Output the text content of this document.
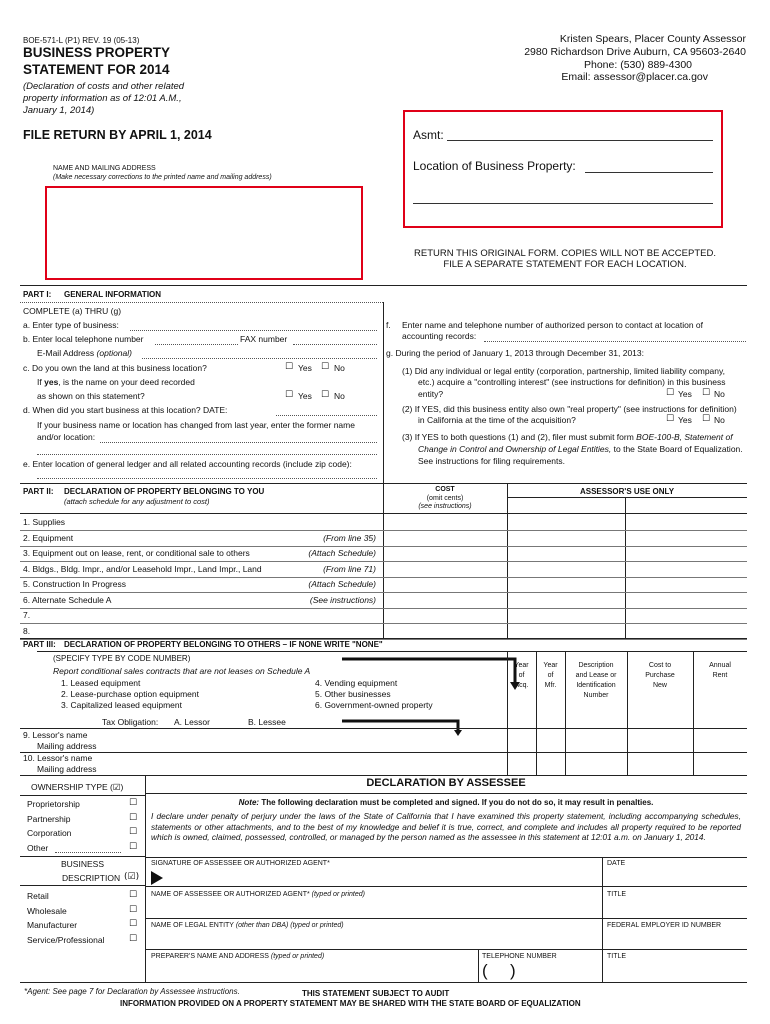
BOE-571-L (P1) REV. 19 (05-13)
BUSINESS PROPERTY
STATEMENT FOR 2014
(Declaration of costs and other related
property information as of 12:01 A.M.,
January 1, 2014)
Kristen Spears, Placer County Assessor
2980 Richardson Drive Auburn, CA 95603-2640
Phone: (530) 889-4300
Email: assessor@placer.ca.gov
FILE RETURN BY APRIL 1, 2014
NAME AND MAILING ADDRESS
(Make necessary corrections to the printed name and mailing address)
Asmt:
Location of Business Property:
RETURN THIS ORIGINAL FORM. COPIES WILL NOT BE ACCEPTED.
FILE A SEPARATE STATEMENT FOR EACH LOCATION.
PART I: GENERAL INFORMATION
COMPLETE (a) THRU (g)
a. Enter type of business:
b. Enter local telephone number	FAX number
E-Mail Address (optional)
c. Do you own the land at this business location?	☐ Yes ☐ No
If yes, is the name on your deed recorded
as shown on this statement?	☐ Yes ☐ No
d. When did you start business at this location? DATE:
If your business name or location has changed from last year, enter the former name
and/or location:
e. Enter location of general ledger and all related accounting records (include zip code):
f. Enter name and telephone number of authorized person to contact at location of
accounting records:
g. During the period of January 1, 2013 through December 31, 2013:
(1) Did any individual or legal entity (corporation, partnership, limited liability company,
etc.) acquire a "controlling interest" (see instructions for definition) in this business
entity?	☐ Yes ☐ No
(2) If YES, did this business entity also own "real property" (see instructions for definition)
in California at the time of the acquisition?	☐ Yes ☐ No
(3) If YES to both questions (1) and (2), filer must submit form BOE-100-B, Statement of
Change in Control and Ownership of Legal Entities, to the State Board of Equalization.
See instructions for filing requirements.
PART II: DECLARATION OF PROPERTY BELONGING TO YOU
(attach schedule for any adjustment to cost)
COST
(omit cents)
(see instructions)
ASSESSOR'S USE ONLY
1. Supplies
2. Equipment	(From line 35)
3. Equipment out on lease, rent, or conditional sale to others	(Attach Schedule)
4. Bldgs., Bldg. Impr., and/or Leasehold Impr., Land Impr., Land	(From line 71)
5. Construction In Progress	(Attach Schedule)
6. Alternate Schedule A	(See instructions)
7.
8.
PART III: DECLARATION OF PROPERTY BELONGING TO OTHERS – IF NONE WRITE "NONE"
(SPECIFY TYPE BY CODE NUMBER)
Report conditional sales contracts that are not leases on Schedule A
1. Leased equipment
2. Lease-purchase option equipment
3. Capitalized leased equipment
4. Vending equipment
5. Other businesses
6. Government-owned property
Tax Obligation: A. Lessor	B. Lessee
Year
of
Acq.
Year
of
Mfr.
Description
and Lease or
Identification
Number
Cost to
Purchase
New
Annual
Rent
9. Lessor's name
Mailing address
10. Lessor's name
Mailing address
OWNERSHIP TYPE (☑)
Proprietorship	☐
Partnership	☐
Corporation	☐
Other	☐
BUSINESS
DESCRIPTION (☑)
Retail	☐
Wholesale	☐
Manufacturer	☐
Service/Professional	☐
DECLARATION BY ASSESSEE
Note: The following declaration must be completed and signed. If you do not do so, it may result in penalties.
I declare under penalty of perjury under the laws of the State of California that I have examined this property statement, including accompanying schedules, statements or other attachments, and to the best of my knowledge and belief it is true, correct, and complete and includes all property required to be reported which is owned, claimed, possessed, controlled, or managed by the person named as the assessee in this statement at 12:01 a.m. on January 1, 2014.
SIGNATURE OF ASSESSEE OR AUTHORIZED AGENT*	DATE
NAME OF ASSESSEE OR AUTHORIZED AGENT* (typed or printed)	TITLE
NAME OF LEGAL ENTITY (other than DBA) (typed or printed)	FEDERAL EMPLOYER ID NUMBER
PREPARER'S NAME AND ADDRESS (typed or printed)	TELEPHONE NUMBER
( )
TITLE
*Agent: See page 7 for Declaration by Assessee instructions.	THIS STATEMENT SUBJECT TO AUDIT
INFORMATION PROVIDED ON A PROPERTY STATEMENT MAY BE SHARED WITH THE STATE BOARD OF EQUALIZATION
